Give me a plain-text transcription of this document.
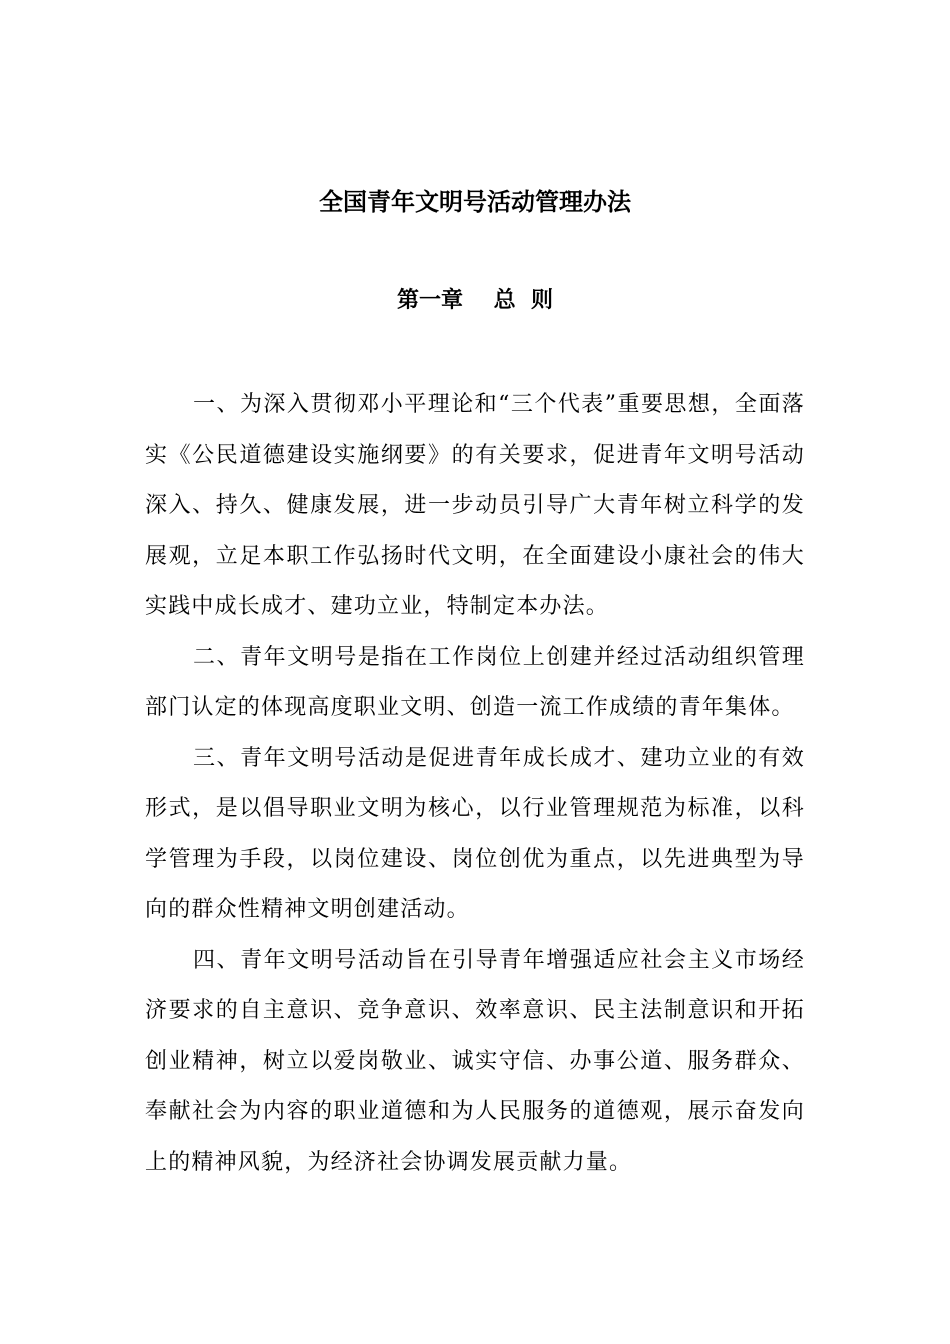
全国青年文明号活动管理办法
第一章    总  则

一、为深入贯彻邓小平理论和“三个代表”重要思想，全面落实《公民道德建设实施纲要》的有关要求，促进青年文明号活动深入、持久、健康发展，进一步动员引导广大青年树立科学的发展观，立足本职工作弘扬时代文明，在全面建设小康社会的伟大实践中成长成才、建功立业，特制定本办法。

二、青年文明号是指在工作岗位上创建并经过活动组织管理部门认定的体现高度职业文明、创造一流工作成绩的青年集体。

三、青年文明号活动是促进青年成长成才、建功立业的有效形式，是以倡导职业文明为核心，以行业管理规范为标准，以科学管理为手段，以岗位建设、岗位创优为重点，以先进典型为导向的群众性精神文明创建活动。

四、青年文明号活动旨在引导青年增强适应社会主义市场经济要求的自主意识、竞争意识、效率意识、民主法制意识和开拓创业精神，树立以爱岗敬业、诚实守信、办事公道、服务群众、奉献社会为内容的职业道德和为人民服务的道德观，展示奋发向上的精神风貌，为经济社会协调发展贡献力量。
